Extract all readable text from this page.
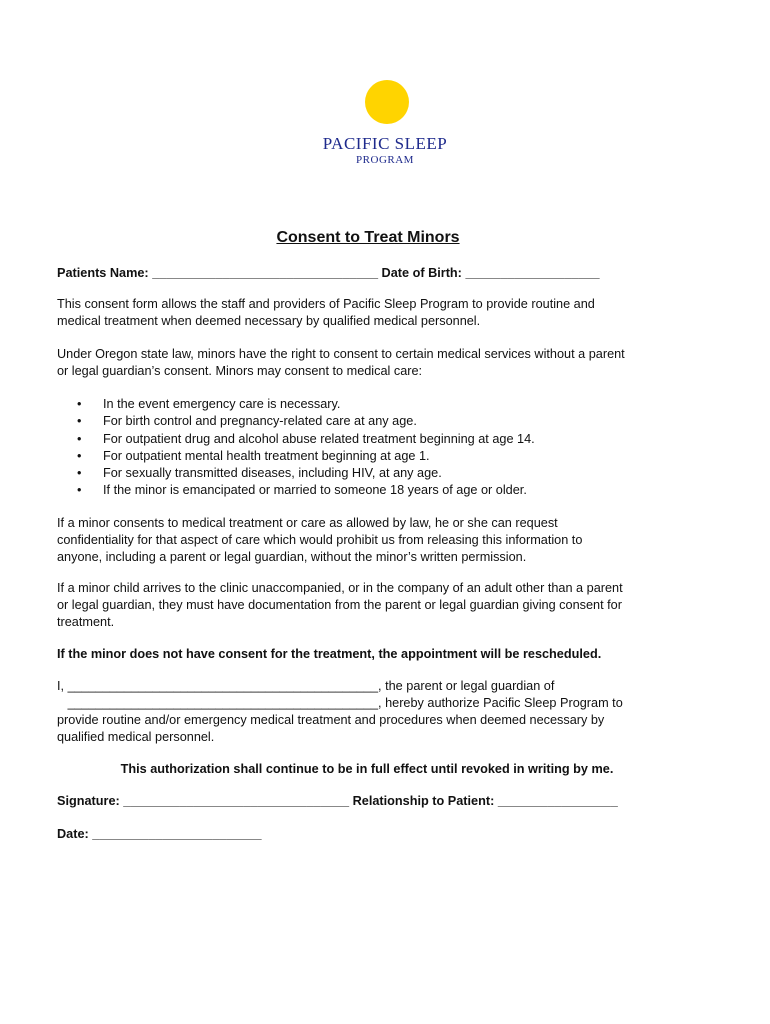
PACIFIC SLEEP
PROGRAM
Consent to Treat Minors
Patients Name: ________________________________ Date of Birth: ___________________
This consent form allows the staff and providers of Pacific Sleep Program to provide routine and
medical treatment when deemed necessary by qualified medical personnel.
Under Oregon state law, minors have the right to consent to certain medical services without a parent
or legal guardian’s consent. Minors may consent to medical care:
• In the event emergency care is necessary.
• For birth control and pregnancy-related care at any age.
• For outpatient drug and alcohol abuse related treatment beginning at age 14.
• For outpatient mental health treatment beginning at age 1.
• For sexually transmitted diseases, including HIV, at any age.
• If the minor is emancipated or married to someone 18 years of age or older.
If a minor consents to medical treatment or care as allowed by law, he or she can request
confidentiality for that aspect of care which would prohibit us from releasing this information to
anyone, including a parent or legal guardian, without the minor’s written permission.
If a minor child arrives to the clinic unaccompanied, or in the company of an adult other than a parent
or legal guardian, they must have documentation from the parent or legal guardian giving consent for
treatment.
If the minor does not have consent for the treatment, the appointment will be rescheduled.
I, ____________________________________________, the parent or legal guardian of
____________________________________________, hereby authorize Pacific Sleep Program to
provide routine and/or emergency medical treatment and procedures when deemed necessary by
qualified medical personnel.
This authorization shall continue to be in full effect until revoked in writing by me.
Signature: ________________________________ Relationship to Patient: _________________
Date: ________________________
